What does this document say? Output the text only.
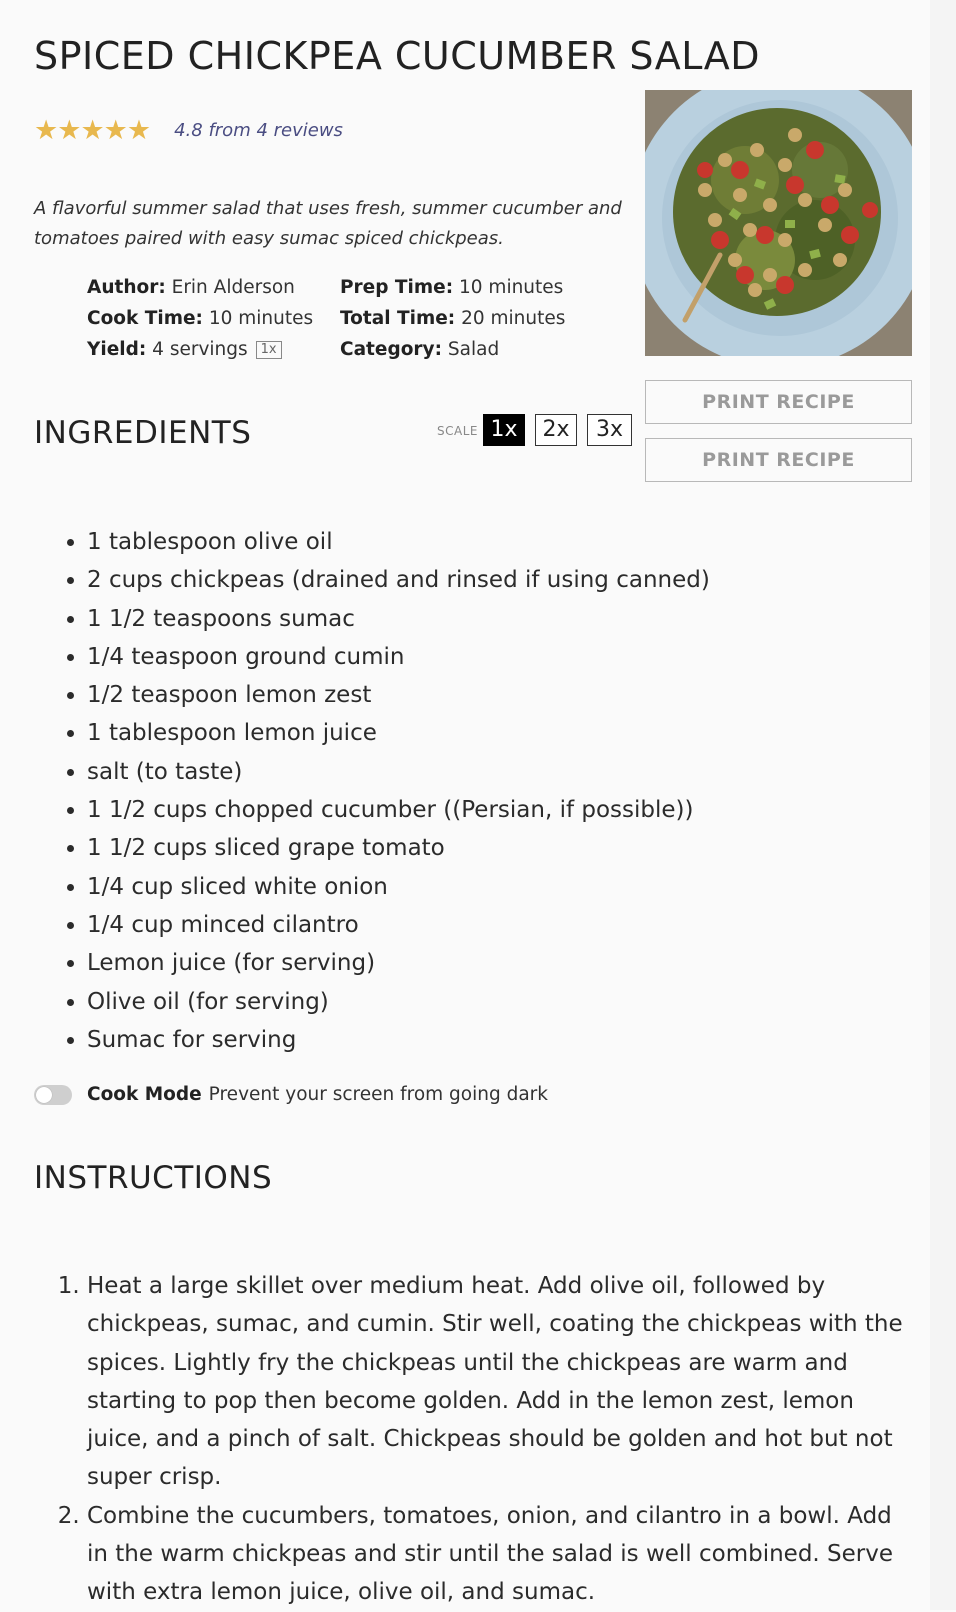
SPICED CHICKPEA CUCUMBER SALAD
★ ★ ★ ★ ★ 4.8 from 4 reviews
A flavorful summer salad that uses fresh, summer cucumber and tomatoes paired with easy sumac spiced chickpeas.
Author: Erin Alderson
Cook Time: 10 minutes
Yield: 4 servings 1x
Prep Time: 10 minutes
Total Time: 20 minutes
Category: Salad
PRINT RECIPE
PRINT RECIPE
INGREDIENTS	SCALE 1x	2x	3x
• 1 tablespoon olive oil
• 2 cups chickpeas (drained and rinsed if using canned)
• 1 1/2 teaspoons sumac
• 1/4 teaspoon ground cumin
• 1/2 teaspoon lemon zest
• 1 tablespoon lemon juice
• salt (to taste)
• 1 1/2 cups chopped cucumber ((Persian, if possible))
• 1 1/2 cups sliced grape tomato
• 1/4 cup sliced white onion
• 1/4 cup minced cilantro
• Lemon juice (for serving)
• Olive oil (for serving)
• Sumac for serving
Cook Mode Prevent your screen from going dark
INSTRUCTIONS
1. Heat a large skillet over medium heat. Add olive oil, followed by chickpeas, sumac, and cumin. Stir well, coating the chickpeas with the spices. Lightly fry the chickpeas until the chickpeas are warm and starting to pop then become golden. Add in the lemon zest, lemon juice, and a pinch of salt. Chickpeas should be golden and hot but not super crisp.
2. Combine the cucumbers, tomatoes, onion, and cilantro in a bowl. Add in the warm chickpeas and stir until the salad is well combined. Serve with extra lemon juice, olive oil, and sumac.
